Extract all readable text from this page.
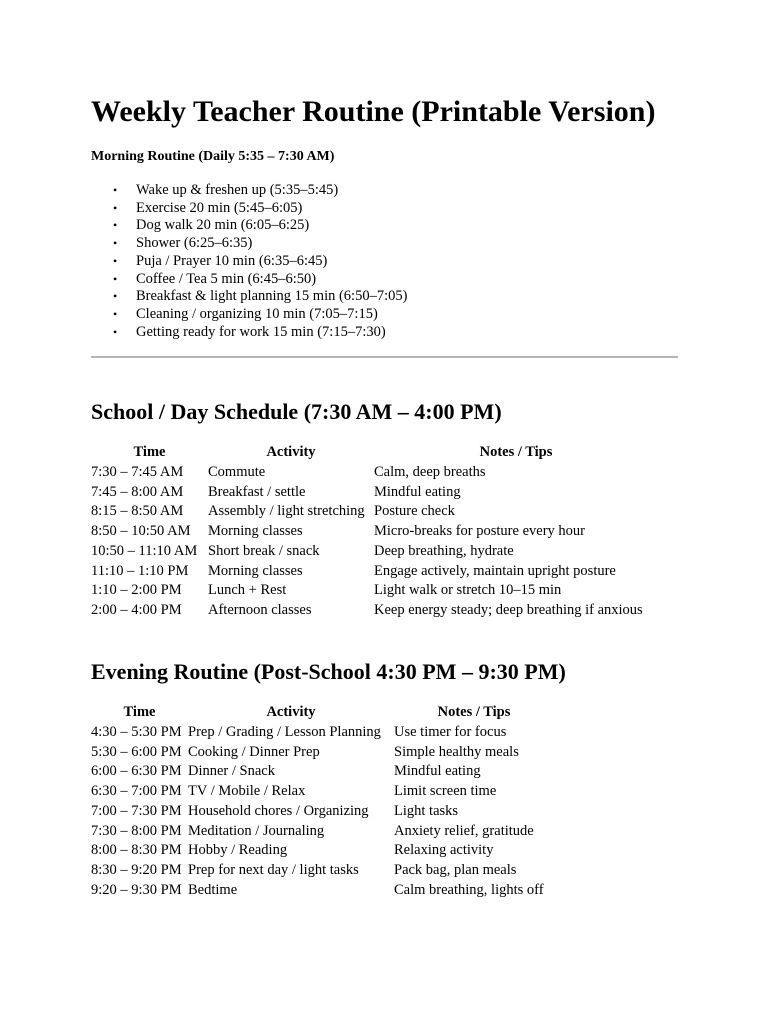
Weekly Teacher Routine (Printable Version)
Morning Routine (Daily 5:35 – 7:30 AM)
• Wake up & freshen up (5:35–5:45)
• Exercise 20 min (5:45–6:05)
• Dog walk 20 min (6:05–6:25)
• Shower (6:25–6:35)
• Puja / Prayer 10 min (6:35–6:45)
• Coffee / Tea 5 min (6:45–6:50)
• Breakfast & light planning 15 min (6:50–7:05)
• Cleaning / organizing 10 min (7:05–7:15)
• Getting ready for work 15 min (7:15–7:30)
School / Day Schedule (7:30 AM – 4:00 PM)
Time	Activity	Notes / Tips
7:30 – 7:45 AM	Commute	Calm, deep breaths
7:45 – 8:00 AM	Breakfast / settle	Mindful eating
8:15 – 8:50 AM	Assembly / light stretching	Posture check
8:50 – 10:50 AM	Morning classes	Micro-breaks for posture every hour
10:50 – 11:10 AM	Short break / snack	Deep breathing, hydrate
11:10 – 1:10 PM	Morning classes	Engage actively, maintain upright posture
1:10 – 2:00 PM	Lunch + Rest	Light walk or stretch 10–15 min
2:00 – 4:00 PM	Afternoon classes	Keep energy steady; deep breathing if anxious
Evening Routine (Post-School 4:30 PM – 9:30 PM)
Time	Activity	Notes / Tips
4:30 – 5:30 PM	Prep / Grading / Lesson Planning	Use timer for focus
5:30 – 6:00 PM	Cooking / Dinner Prep	Simple healthy meals
6:00 – 6:30 PM	Dinner / Snack	Mindful eating
6:30 – 7:00 PM	TV / Mobile / Relax	Limit screen time
7:00 – 7:30 PM	Household chores / Organizing	Light tasks
7:30 – 8:00 PM	Meditation / Journaling	Anxiety relief, gratitude
8:00 – 8:30 PM	Hobby / Reading	Relaxing activity
8:30 – 9:20 PM	Prep for next day / light tasks	Pack bag, plan meals
9:20 – 9:30 PM	Bedtime	Calm breathing, lights off
